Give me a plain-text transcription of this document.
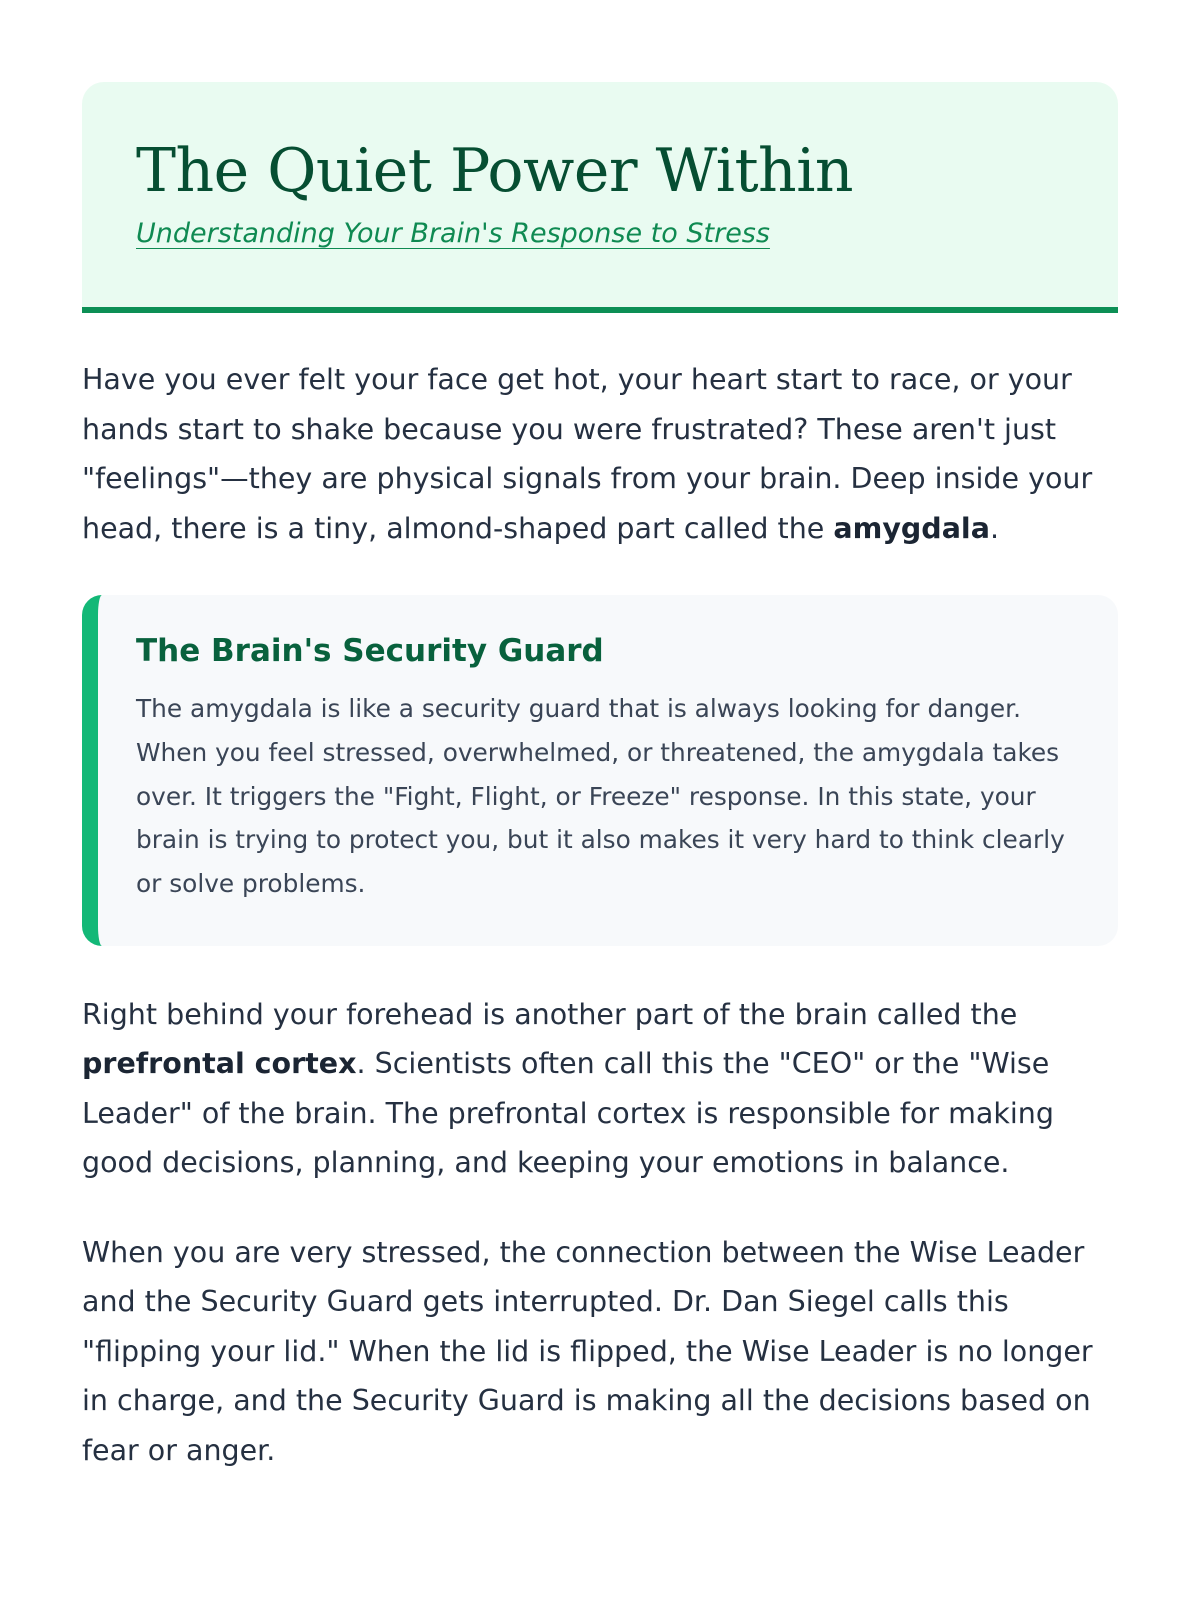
The Quiet Power Within
Understanding Your Brain's Response to Stress

Have you ever felt your face get hot, your heart start to race, or your hands start to shake because you were frustrated? These aren't just "feelings"—they are physical signals from your brain. Deep inside your head, there is a tiny, almond-shaped part called the amygdala.

The Brain's Security Guard

The amygdala is like a security guard that is always looking for danger. When you feel stressed, overwhelmed, or threatened, the amygdala takes over. It triggers the "Fight, Flight, or Freeze" response. In this state, your brain is trying to protect you, but it also makes it very hard to think clearly or solve problems.

Right behind your forehead is another part of the brain called the prefrontal cortex. Scientists often call this the "CEO" or the "Wise Leader" of the brain. The prefrontal cortex is responsible for making good decisions, planning, and keeping your emotions in balance.

When you are very stressed, the connection between the Wise Leader and the Security Guard gets interrupted. Dr. Dan Siegel calls this "flipping your lid." When the lid is flipped, the Wise Leader is no longer in charge, and the Security Guard is making all the decisions based on fear or anger.
